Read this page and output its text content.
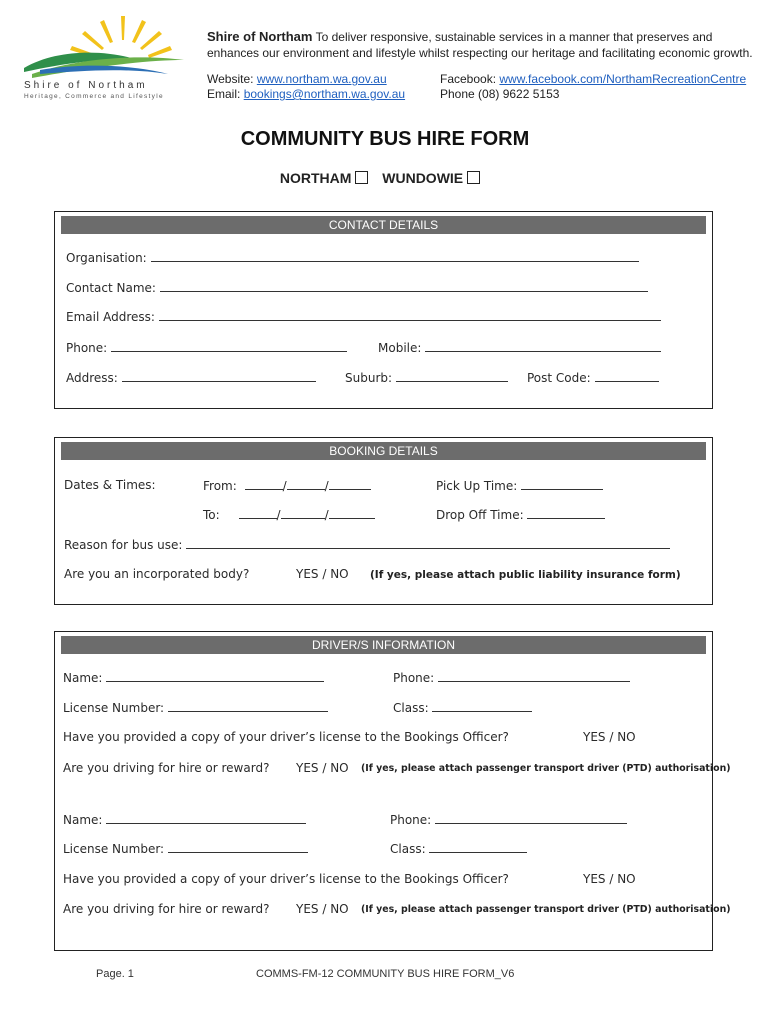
Shire of Northam
Heritage, Commerce and Lifestyle
Shire of Northam To deliver responsive, sustainable services in a manner that preserves and
enhances our environment and lifestyle whilst respecting our heritage and facilitating economic growth.
Website: www.northam.wa.gov.au
Email: bookings@northam.wa.gov.au
Facebook: www.facebook.com/NorthamRecreationCentre
Phone (08) 9622 5153
COMMUNITY BUS HIRE FORM
NORTHAM WUNDOWIE
CONTACT DETAILS
Organisation:
Contact Name:
Email Address:
Phone:	Mobile:
Address:	Suburb:	Post Code:
BOOKING DETAILS
Dates & Times:	From:	/	/	Pick Up Time:
To:	/	/	Drop Off Time:
Reason for bus use:
Are you an incorporated body?	YES / NO (If yes, please attach public liability insurance form)
DRIVER/S INFORMATION
Name:	Phone:
License Number:	Class:
Have you provided a copy of your driver’s license to the Bookings Officer?	YES / NO
Are you driving for hire or reward? YES / NO (If yes, please attach passenger transport driver (PTD) authorisation)
Name:	Phone:
License Number:	Class:
Have you provided a copy of your driver’s license to the Bookings Officer?	YES / NO
Are you driving for hire or reward? YES / NO (If yes, please attach passenger transport driver (PTD) authorisation)
Page. 1	COMMS-FM-12 COMMUNITY BUS HIRE FORM_V6
